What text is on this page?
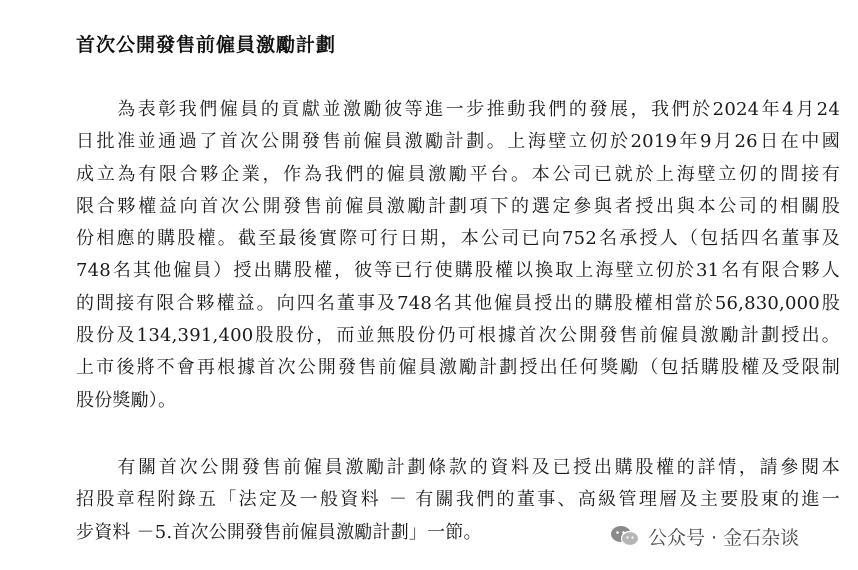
首次公開發售前僱員激勵計劃
　　為表彰我們僱員的貢獻並激勵彼等進一步推動我們的發展，我們於2024年4月24
日批准並通過了首次公開發售前僱員激勵計劃。上海壁立仞於2019年9月26日在中國
成立為有限合夥企業，作為我們的僱員激勵平台。本公司已就於上海壁立仞的間接有
限合夥權益向首次公開發售前僱員激勵計劃項下的選定參與者授出與本公司的相關股
份相應的購股權。截至最後實際可行日期，本公司已向752名承授人（包括四名董事及
748名其他僱員）授出購股權，彼等已行使購股權以換取上海壁立仞於31名有限合夥人
的間接有限合夥權益。向四名董事及748名其他僱員授出的購股權相當於56,830,000股
股份及134,391,400股股份，而並無股份仍可根據首次公開發售前僱員激勵計劃授出。
上市後將不會再根據首次公開發售前僱員激勵計劃授出任何獎勵（包括購股權及受限制
股份獎勵）。
　　有關首次公開發售前僱員激勵計劃條款的資料及已授出購股權的詳情，請參閱本
招股章程附錄五「法定及一般資料 － 有關我們的董事、高級管理層及主要股東的進一
步資料 －5.首次公開發售前僱員激勵計劃」一節。	公众号 · 金石杂谈
